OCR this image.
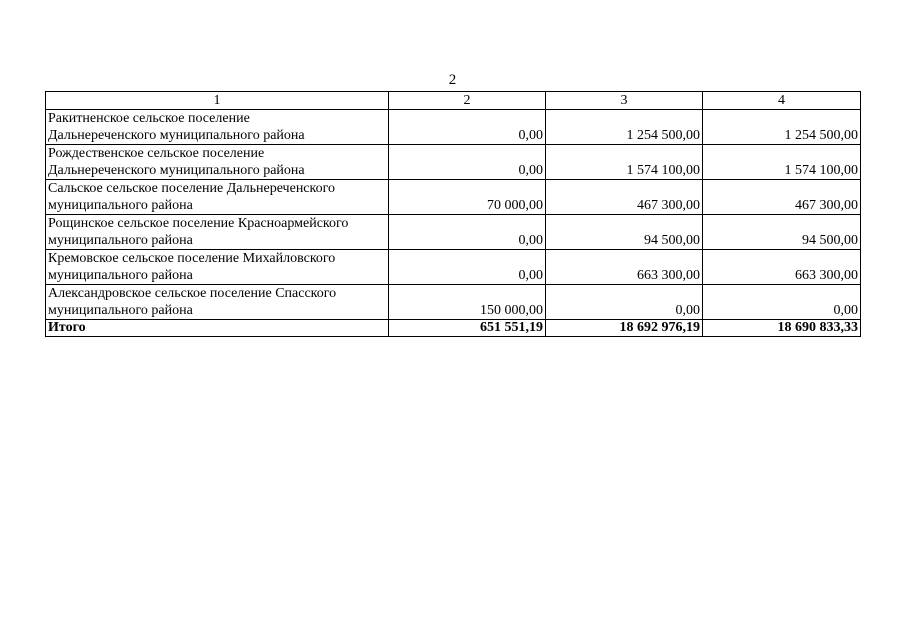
2
1	2	3	4
Ракитненское сельское поселение
Дальнереченского муниципального района	0,00	1 254 500,00	1 254 500,00
Рождественское сельское поселение
Дальнереченского муниципального района	0,00	1 574 100,00	1 574 100,00
Сальское сельское поселение Дальнереченского
муниципального района	70 000,00	467 300,00	467 300,00
Рощинское сельское поселение Красноармейского
муниципального района	0,00	94 500,00	94 500,00
Кремовское сельское поселение Михайловского
муниципального района	0,00	663 300,00	663 300,00
Александровское сельское поселение Спасского
муниципального района	150 000,00	0,00	0,00
Итого	651 551,19	18 692 976,19	18 690 833,33
